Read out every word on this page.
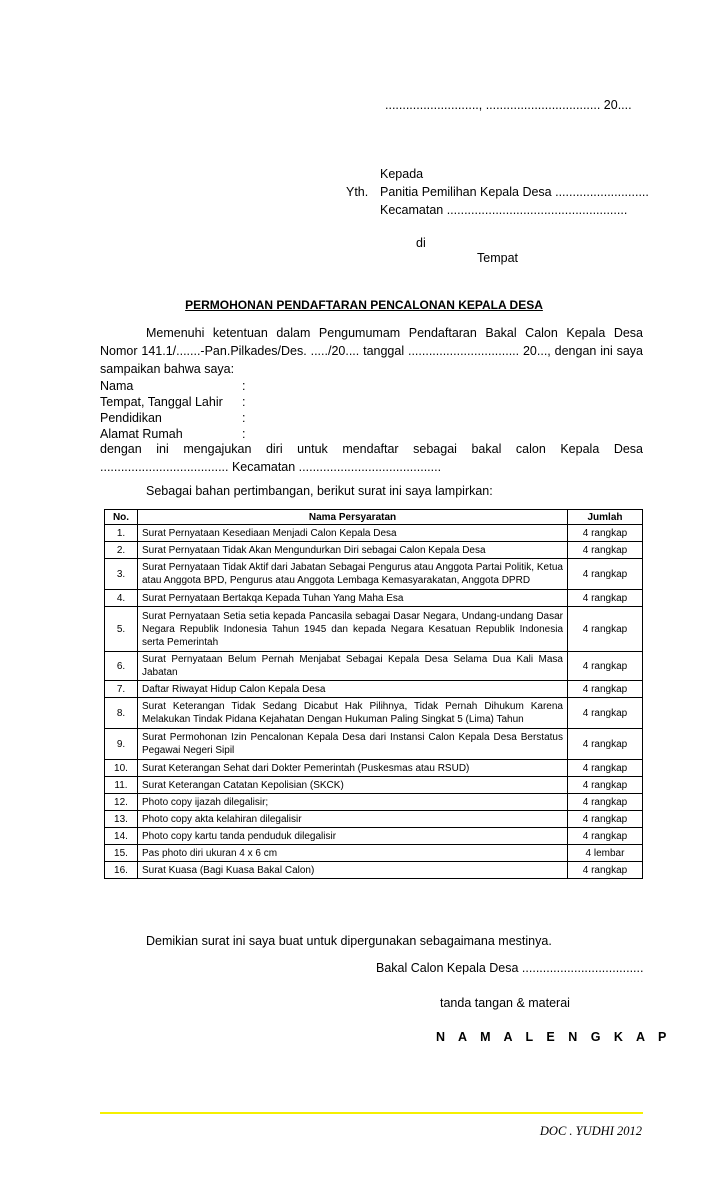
..........................., ................................. 20....
Kepada
Yth. Panitia Pemilihan Kepala Desa ...........................
Kecamatan ....................................................
di
Tempat
PERMOHONAN PENDAFTARAN PENCALONAN KEPALA DESA
Memenuhi ketentuan dalam Pengumumam Pendaftaran Bakal Calon Kepala Desa Nomor 141.1/.......-Pan.Pilkades/Des. ...../20.... tanggal ................................ 20..., dengan ini saya sampaikan bahwa saya:
Nama	:
Tempat, Tanggal Lahir :
Pendidikan	:
Alamat Rumah	:
dengan ini mengajukan diri untuk mendaftar sebagai bakal calon Kepala Desa ..................................... Kecamatan .........................................
Sebagai bahan pertimbangan, berikut surat ini saya lampirkan:
No.	Nama Persyaratan	Jumlah
1.	Surat Pernyataan Kesediaan Menjadi Calon Kepala Desa	4 rangkap
2.	Surat Pernyataan Tidak Akan Mengundurkan Diri sebagai Calon Kepala Desa	4 rangkap
3.	Surat Pernyataan Tidak Aktif dari Jabatan Sebagai Pengurus atau Anggota Partai Politik, Ketua atau Anggota BPD, Pengurus atau Anggota Lembaga Kemasyarakatan, Anggota DPRD	4 rangkap
4.	Surat Pernyataan Bertakqa Kepada Tuhan Yang Maha Esa	4 rangkap
5.	Surat Pernyataan Setia setia kepada Pancasila sebagai Dasar Negara, Undang-undang Dasar Negara Republik Indonesia Tahun 1945 dan kepada Negara Kesatuan Republik Indonesia serta Pemerintah	4 rangkap
6.	Surat Pernyataan Belum Pernah Menjabat Sebagai Kepala Desa Selama Dua Kali Masa Jabatan	4 rangkap
7.	Daftar Riwayat Hidup Calon Kepala Desa	4 rangkap
8.	Surat Keterangan Tidak Sedang Dicabut Hak Pilihnya, Tidak Pernah Dihukum Karena Melakukan Tindak Pidana Kejahatan Dengan Hukuman Paling Singkat 5 (Lima) Tahun	4 rangkap
9.	Surat Permohonan Izin Pencalonan Kepala Desa dari Instansi Calon Kepala Desa Berstatus Pegawai Negeri Sipil	4 rangkap
10.	Surat Keterangan Sehat dari Dokter Pemerintah (Puskesmas atau RSUD)	4 rangkap
11.	Surat Keterangan Catatan Kepolisian (SKCK)	4 rangkap
12.	Photo copy ijazah dilegalisir;	4 rangkap
13.	Photo copy akta kelahiran dilegalisir	4 rangkap
14.	Photo copy kartu tanda penduduk dilegalisir	4 rangkap
15.	Pas photo diri ukuran 4 x 6 cm	4 lembar
16.	Surat Kuasa (Bagi Kuasa Bakal Calon)	4 rangkap
Demikian surat ini saya buat untuk dipergunakan sebagaimana mestinya.
Bakal Calon Kepala Desa ...................................
tanda tangan & materai
N A M A L E N G K A P
DOC . YUDHI 2012
